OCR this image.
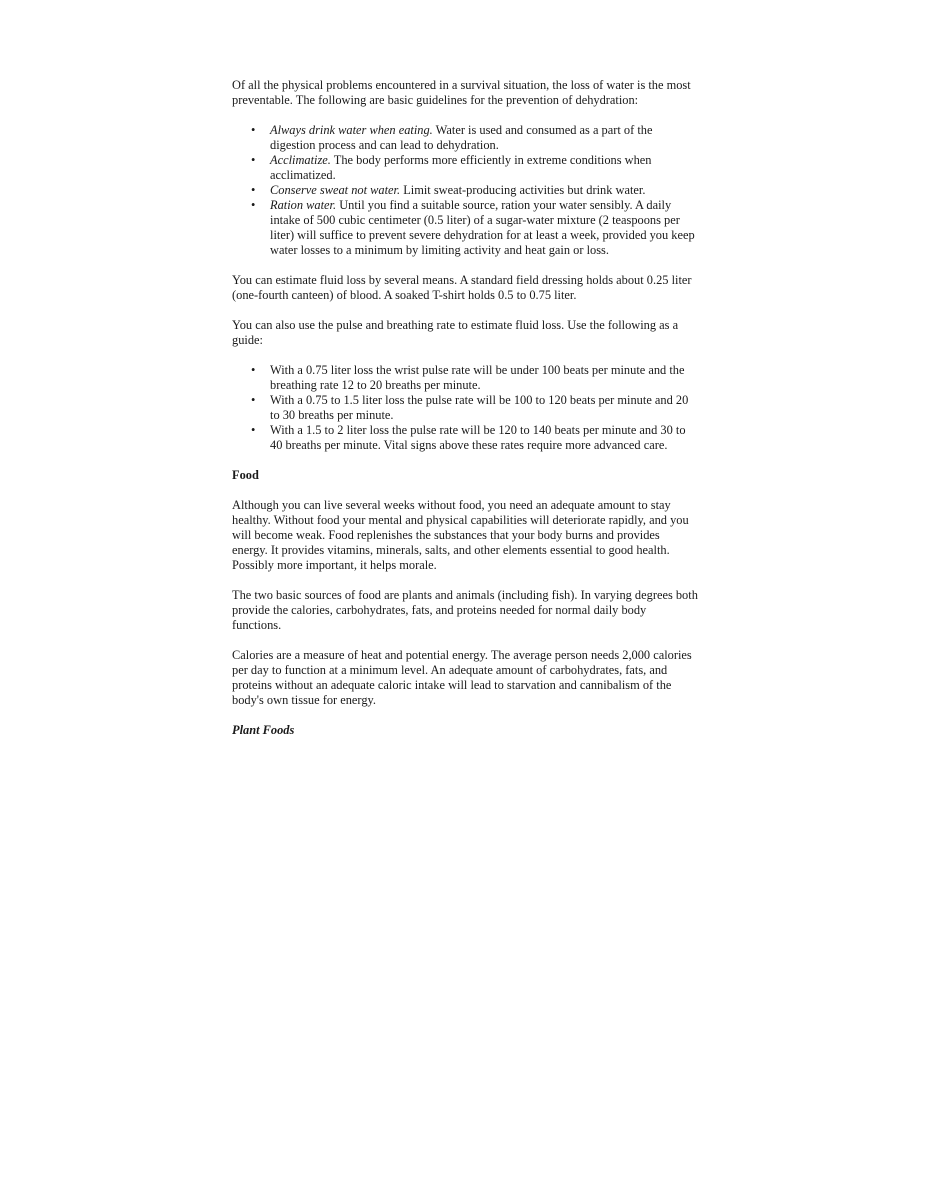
Of all the physical problems encountered in a survival situation, the loss of water is the most preventable. The following are basic guidelines for the prevention of dehydration:

• Always drink water when eating. Water is used and consumed as a part of the digestion process and can lead to dehydration.
• Acclimatize. The body performs more efficiently in extreme conditions when acclimatized.
• Conserve sweat not water. Limit sweat-producing activities but drink water.
• Ration water. Until you find a suitable source, ration your water sensibly. A daily intake of 500 cubic centimeter (0.5 liter) of a sugar-water mixture (2 teaspoons per liter) will suffice to prevent severe dehydration for at least a week, provided you keep water losses to a minimum by limiting activity and heat gain or loss.

You can estimate fluid loss by several means. A standard field dressing holds about 0.25 liter (one-fourth canteen) of blood. A soaked T-shirt holds 0.5 to 0.75 liter.

You can also use the pulse and breathing rate to estimate fluid loss. Use the following as a guide:

• With a 0.75 liter loss the wrist pulse rate will be under 100 beats per minute and the breathing rate 12 to 20 breaths per minute.
• With a 0.75 to 1.5 liter loss the pulse rate will be 100 to 120 beats per minute and 20 to 30 breaths per minute.
• With a 1.5 to 2 liter loss the pulse rate will be 120 to 140 beats per minute and 30 to 40 breaths per minute. Vital signs above these rates require more advanced care.

Food

Although you can live several weeks without food, you need an adequate amount to stay healthy. Without food your mental and physical capabilities will deteriorate rapidly, and you will become weak. Food replenishes the substances that your body burns and provides energy. It provides vitamins, minerals, salts, and other elements essential to good health. Possibly more important, it helps morale.

The two basic sources of food are plants and animals (including fish). In varying degrees both provide the calories, carbohydrates, fats, and proteins needed for normal daily body functions.

Calories are a measure of heat and potential energy. The average person needs 2,000 calories per day to function at a minimum level. An adequate amount of carbohydrates, fats, and proteins without an adequate caloric intake will lead to starvation and cannibalism of the body's own tissue for energy.

Plant Foods
